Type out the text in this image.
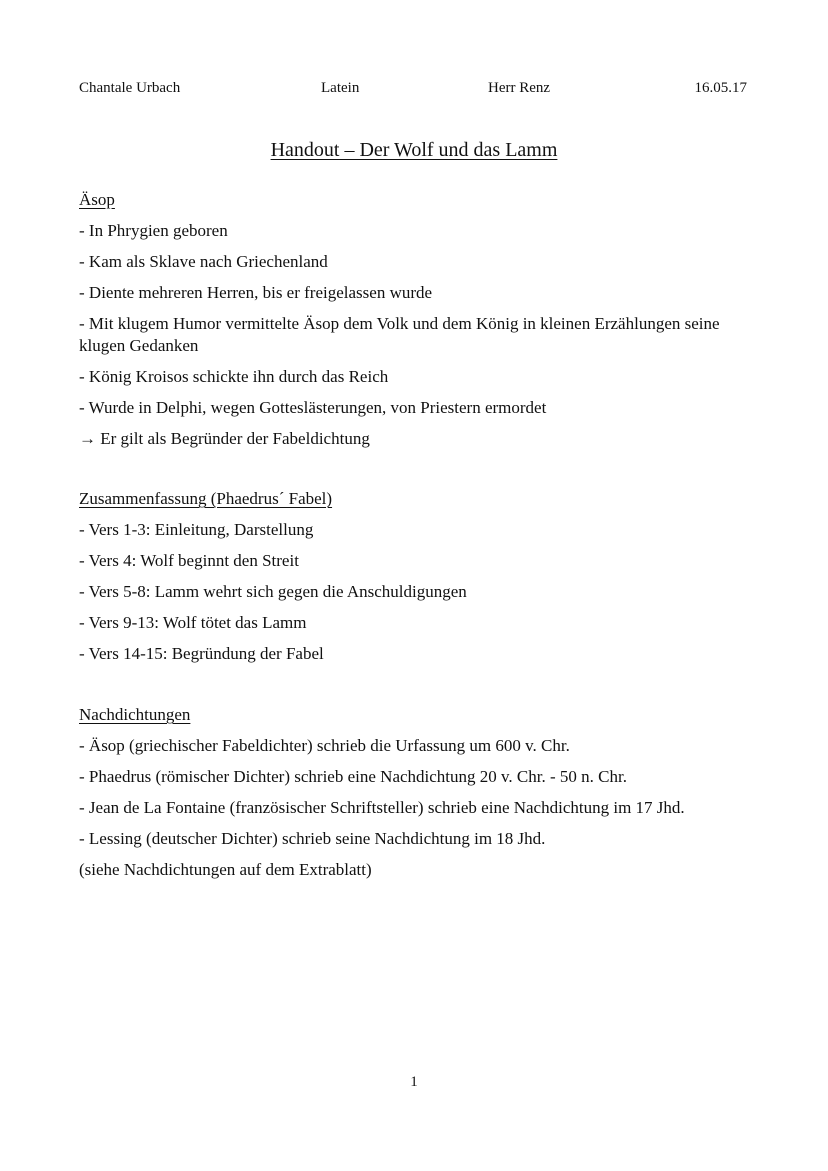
Chantale Urbach	Latein	Herr Renz	16.05.17
Handout – Der Wolf und das Lamm
Äsop
- In Phrygien geboren
- Kam als Sklave nach Griechenland
- Diente mehreren Herren, bis er freigelassen wurde
- Mit klugem Humor vermittelte Äsop dem Volk und dem König in kleinen Erzählungen seine klugen Gedanken
- König Kroisos schickte ihn durch das Reich
- Wurde in Delphi, wegen Gotteslästerungen, von Priestern ermordet
→ Er gilt als Begründer der Fabeldichtung
Zusammenfassung (Phaedrus´ Fabel)
- Vers 1-3: Einleitung, Darstellung
- Vers 4: Wolf beginnt den Streit
- Vers 5-8: Lamm wehrt sich gegen die Anschuldigungen
- Vers 9-13: Wolf tötet das Lamm
- Vers 14-15: Begründung der Fabel
Nachdichtungen
- Äsop (griechischer Fabeldichter) schrieb die Urfassung um 600 v. Chr.
- Phaedrus (römischer Dichter) schrieb eine Nachdichtung 20 v. Chr. - 50 n. Chr.
- Jean de La Fontaine (französischer Schriftsteller) schrieb eine Nachdichtung im 17 Jhd.
- Lessing (deutscher Dichter) schrieb seine Nachdichtung im 18 Jhd.
(siehe Nachdichtungen auf dem Extrablatt)
1
